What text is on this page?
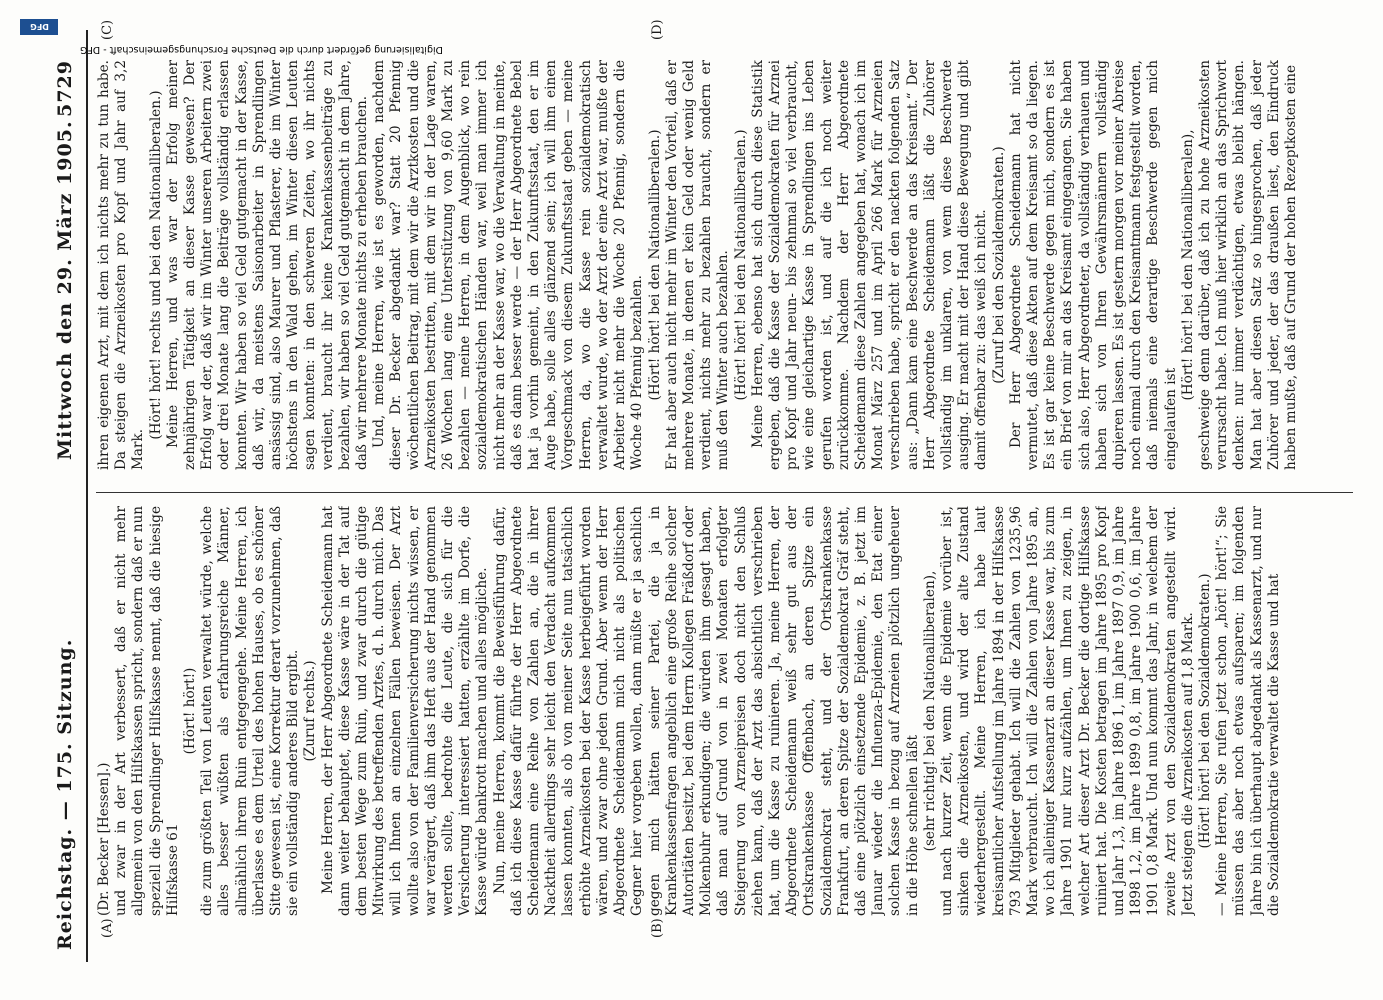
Reichstag. — 175. Sitzung.
Mittwoch den 29. März 1905.
5729
(A)	(B)
(C)	(D)

(Dr. Becker [Hessen].) und zwar in der Art verbessert, daß er nicht mehr allgemein von den Hilfskassen spricht, sondern daß er nun speziell die Sprendlinger Hilfskasse nennt, daß die hiesige Hilfskasse 61

(Hört! hört!) die zum größten Teil von Leuten verwaltet würde, welche alles besser wüßten als erfahrungsreiche Männer, allmählich ihrem Ruin entgegengehe. Meine Herren, ich überlasse es dem Urteil des hohen Hauses, ob es schöner Sitte gewesen ist, eine Korrektur derart vorzunehmen, daß sie ein vollständig anderes Bild ergibt. (Zuruf rechts.) Meine Herren, der Herr Abgeordnete Scheidemann hat dann weiter behauptet, diese Kasse wäre in der Tat auf dem besten Wege zum Ruin, und zwar durch die gütige Mitwirkung des betreffenden Arztes, d. h. durch mich. Das will ich Ihnen an einzelnen Fällen beweisen. Der Arzt wollte also von der Familienversicherung nichts wissen, er war verärgert, daß ihm das Heft aus der Hand genommen werden sollte, bedrohte die Leute, die sich für die Versicherung interessiert hatten, erzählte im Dorfe, die Kasse würde bankrott machen und alles mögliche. Nun, meine Herren, kommt die Beweisführung dafür, daß ich diese Kasse dafür führte der Herr Abgeordnete Scheidemann eine Reihe von Zahlen an, die in ihrer Nacktheit allerdings sehr leicht den Verdacht aufkommen lassen konnten, als ob von meiner Seite nun tatsächlich erhöhte Arzneikosten bei der Kasse herbeigeführt worden wären, und zwar ohne jeden Grund. Aber wenn der Herr Abgeordnete Scheidemann mich nicht als politischen Gegner hier vorgeben wollen, dann müßte er ja sachlich gegen mich hätten seiner Partei, die ja in Krankenkassenfragen angeblich eine große Reihe solcher Autoritäten besitzt, bei dem Herrn Kollegen Fräßdorf oder Molkenbuhr erkundigen; die würden ihm gesagt haben, daß man auf Grund von in zwei Monaten erfolgter Steigerung von Arzneipreisen doch nicht den Schluß ziehen kann, daß der Arzt das absichtlich verschrieben hat, um die Kasse zu ruinieren. Ja, meine Herren, der Abgeordnete Scheidemann weiß sehr gut aus der Ortskrankenkasse Offenbach, an deren Spitze ein Sozialdemokrat steht, und der Ortskrankenkasse Frankfurt, an deren Spitze der Sozialdemokrat Gräf steht, daß eine plötzlich einsetzende Epidemie, z. B. jetzt im Januar wieder die Influenza-Epidemie, den Etat einer solchen Kasse in bezug auf Arzneien plötzlich ungeheuer in die Höhe schnellen läßt (sehr richtig! bei den Nationalliberalen), und nach kurzer Zeit, wenn die Epidemie vorüber ist, sinken die Arzneikosten, und wird der alte Zustand wiederhergestellt. Meine Herren, ich habe laut kreisamtlicher Aufstellung im Jahre 1894 in der Hilfskasse 793 Mitglieder gehabt. Ich will die Zahlen von 1235,96 Mark verbraucht. Ich will die Zahlen von Jahre 1895 an, wo ich alleiniger Kassenarzt an dieser Kasse war, bis zum Jahre 1901 nur kurz aufzählen, um Ihnen zu zeigen, in welcher Art dieser Arzt Dr. Becker die dortige Hilfskasse ruiniert hat. Die Kosten betragen im Jahre 1895 pro Kopf und Jahr 1,3, im Jahre 1896 1, im Jahre 1897 0,9, im Jahre 1898 1,2, im Jahre 1899 0,8, im Jahre 1900 0,6, im Jahre 1901 0,8 Mark. Und nun kommt das Jahr, in welchem der zweite Arzt von den Sozialdemokraten angestellt wird. Jetzt steigen die Arzneikosten auf 1,8 Mark. (Hört! hört! bei den Sozialdemokraten.) — Meine Herren, Sie rufen jetzt schon „hört! hört!“; Sie müssen das aber noch etwas aufsparen; im folgenden Jahre bin ich überhaupt abgedankt als Kassenarzt, und nur die Sozialdemokratie verwaltet die Kasse und hat

ihren eigenen Arzt, mit dem ich nichts mehr zu tun habe. Da steigen die Arzneikosten pro Kopf und Jahr auf 3,2 Mark.

(Hört! hört! rechts und bei den Nationalliberalen.) Meine Herren, und was war der Erfolg meiner zehnjährigen Tätigkeit an dieser Kasse gewesen? Der Erfolg war der, daß wir im Winter unseren Arbeitern zwei oder drei Monate lang die Beiträge vollständig erlassen konnten. Wir haben so viel Geld gutgemacht in der Kasse, daß wir, da meistens Saisonarbeiter in Sprendlingen ansässig sind, also Maurer und Pflasterer, die im Winter höchstens in den Wald gehen, im Winter diesen Leuten sagen konnten: in den schweren Zeiten, wo ihr nichts verdient, braucht ihr keine Krankenkassenbeiträge zu bezahlen, wir haben so viel Geld gutgemacht in dem Jahre, daß wir mehrere Monate nichts zu erheben brauchen. Und, meine Herren, wie ist es geworden, nachdem dieser Dr. Becker abgedankt war? Statt 20 Pfennig wöchentlichen Beitrag, mit dem wir die Arztkosten und die Arzneikosten bestritten, mit dem wir in der Lage waren, 26 Wochen lang eine Unterstützung von 9,60 Mark zu bezahlen — meine Herren, in dem Augenblick, wo rein sozialdemokratischen Händen war, weil man immer ich nicht mehr an der Kasse war, wo die Verwaltung in meinte, daß es dann besser werde — der Herr Abgeordnete Bebel hat ja vorhin gemeint, in den Zukunftsstaat, den er im Auge habe, solle alles glänzend sein; ich will ihm einen Vorgeschmack von diesem Zukunftsstaat geben — meine Herren, da, wo die Kasse rein sozialdemokratisch verwaltet wurde, wo der Arzt der eine Arzt war, mußte der Arbeiter nicht mehr die Woche 20 Pfennig, sondern die Woche 40 Pfennig bezahlen. (Hört! hört! bei den Nationalliberalen.) Er hat aber auch nicht mehr im Winter den Vorteil, daß er mehrere Monate, in denen er kein Geld oder wenig Geld verdient, nichts mehr zu bezahlen braucht, sondern er muß den Winter auch bezahlen. (Hört! hört! bei den Nationalliberalen.) Meine Herren, ebenso hat sich durch diese Statistik ergeben, daß die Kasse der Sozialdemokraten für Arznei pro Kopf und Jahr neun- bis zehnmal so viel verbraucht, wie eine gleichartige Kasse in Sprendlingen ins Leben gerufen worden ist, und auf die ich noch weiter zurückkomme. Nachdem der Herr Abgeordnete Scheidemann diese Zahlen angegeben hat, wonach ich im Monat März 257 und im April 266 Mark für Arzneien verschrieben habe, spricht er den nackten folgenden Satz aus: „Dann kam eine Beschwerde an das Kreisamt.“ Der Herr Abgeordnete Scheidemann läßt die Zuhörer vollständig im unklaren, von wem diese Beschwerde ausging. Er macht mit der Hand diese Bewegung und gibt damit offenbar zu: das weiß ich nicht. (Zuruf bei den Sozialdemokraten.) Der Herr Abgeordnete Scheidemann hat nicht vermutet, daß diese Akten auf dem Kreisamt so da liegen. Es ist gar keine Beschwerde gegen mich, sondern es ist ein Brief von mir an das Kreisamt eingegangen. Sie haben sich also, Herr Abgeordneter, da vollständig verhauen und haben sich von Ihren Gewährsmännern vollständig dupieren lassen. Es ist gestern morgen vor meiner Abreise noch einmal durch den Kreisamtmann festgestellt worden, daß niemals eine derartige Beschwerde gegen mich eingelaufen ist

(Hört! hört! bei den Nationalliberalen), geschweige denn darüber, daß ich zu hohe Arzneikosten verursacht habe. Ich muß hier wirklich an das Sprichwort denken: nur immer verdächtigen, etwas bleibt hängen. Man hat aber diesen Satz so hingesprochen, daß jeder Zuhörer und jeder, der das draußen liest, den Eindruck haben mußte, daß auf Grund der hohen Rezeptkosten eine

Digitalisierung gefördert durch die Deutsche Forschungsgemeinschaft - DFG
DFG
